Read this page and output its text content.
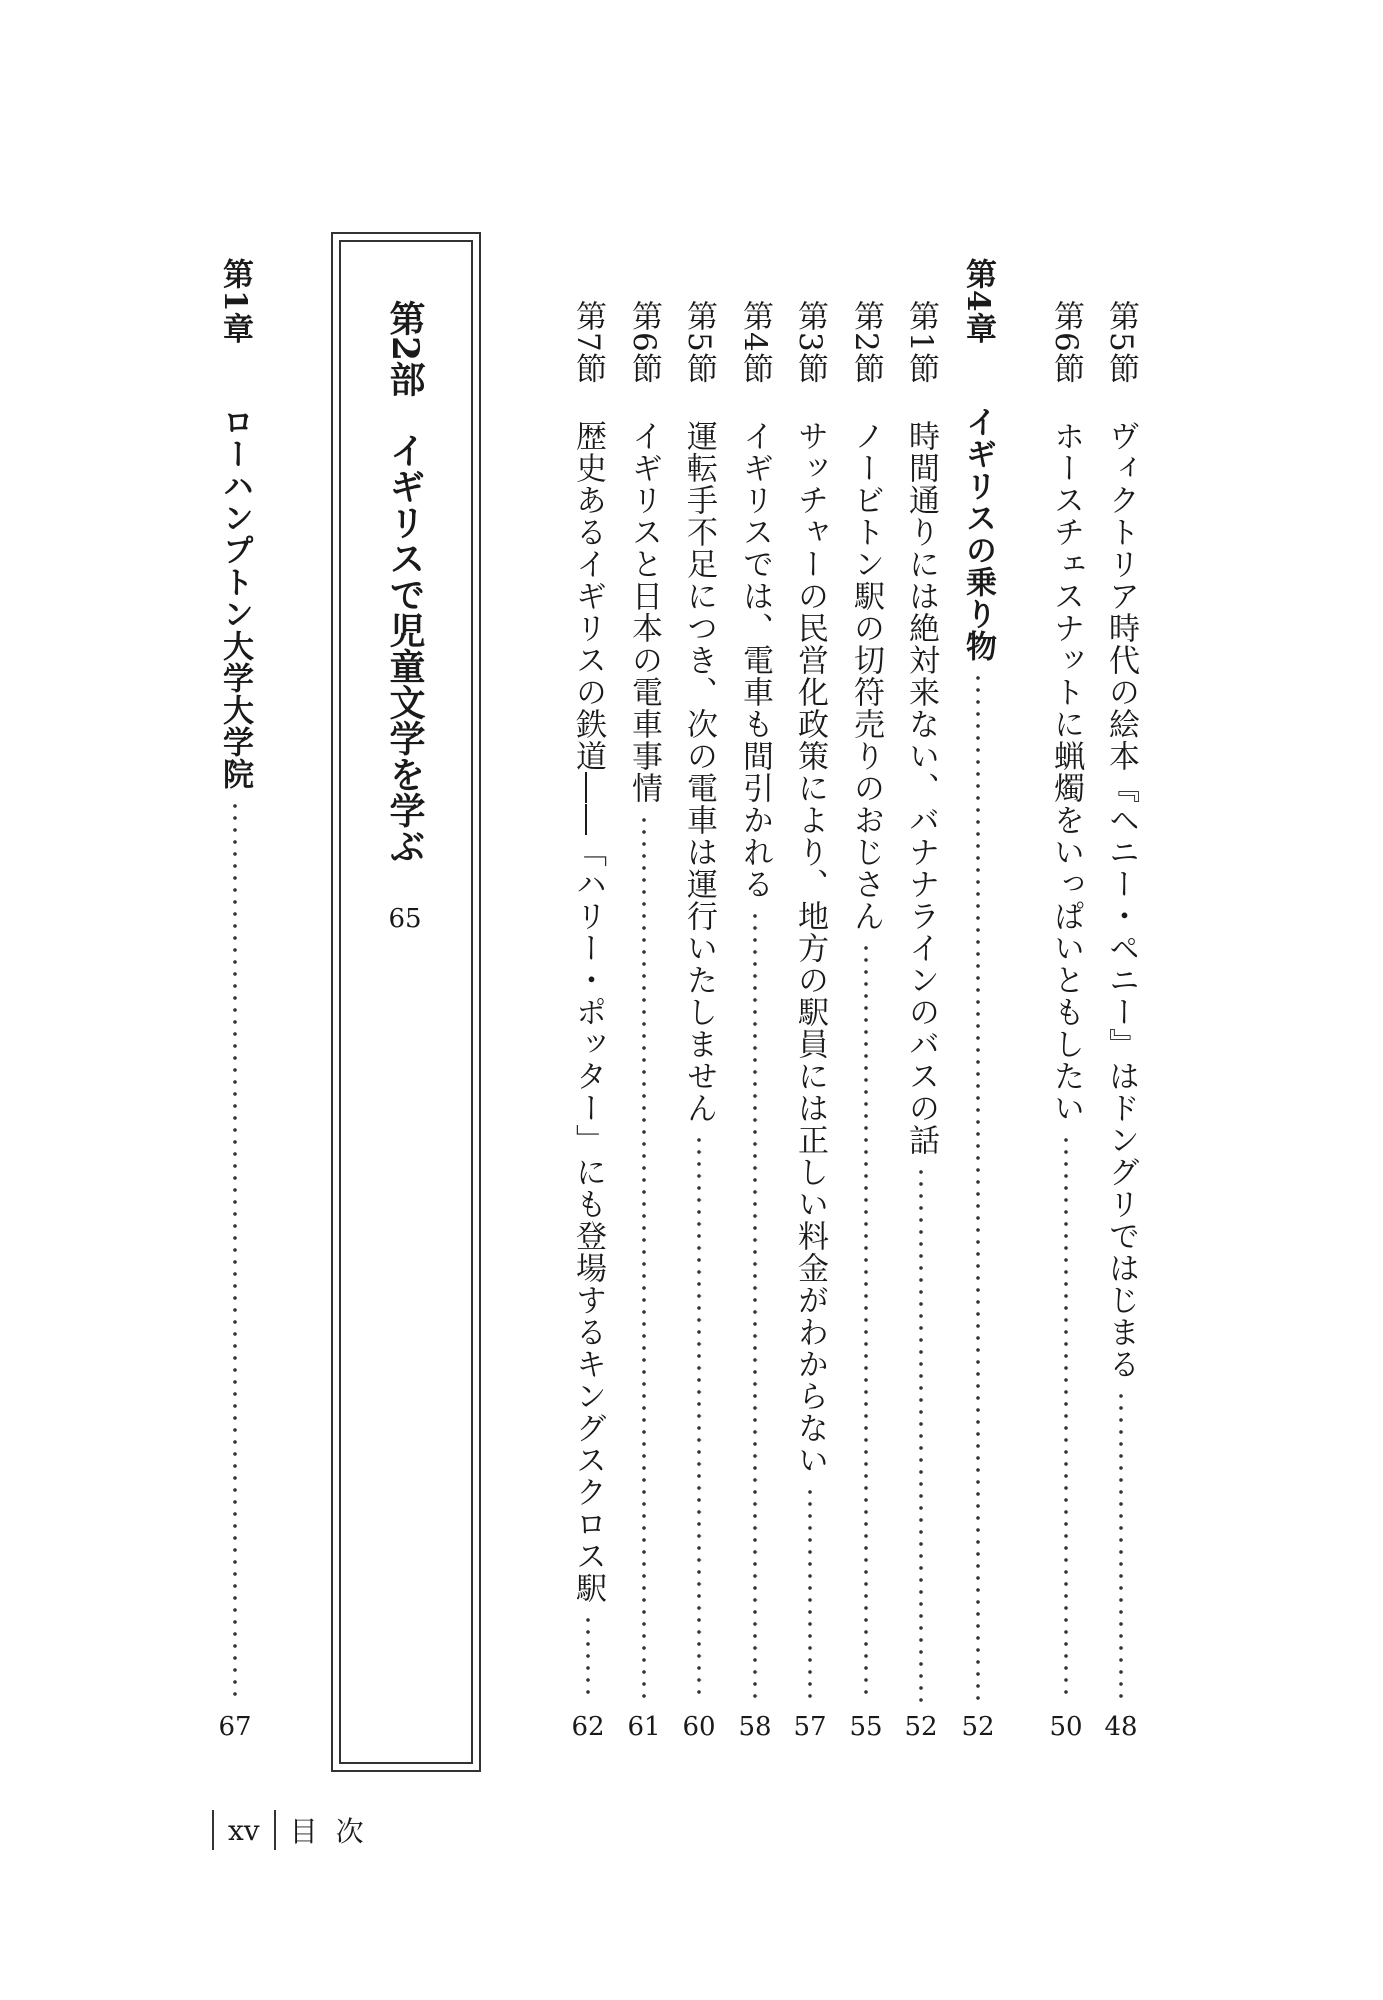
第5節
ヴィクトリア時代の絵本『ヘニー・ペニー』はドングリではじまる
48
第6節
ホースチェスナットに蝋燭をいっぱいともしたい
50
第4章
イギリスの乗り物
52
第1節
時間通りには絶対来ない、バナナラインのバスの話
52
第2節
ノービトン駅の切符売りのおじさん
55
第3節
サッチャーの民営化政策により、地方の駅員には正しい料金がわからない
57
第4節
イギリスでは、電車も間引かれる
58
第5節
運転手不足につき、次の電車は運行いたしません
60
第6節
イギリスと日本の電車事情
61
第7節
歴史あるイギリスの鉄道――「ハリー・ポッター」にも登場するキングスクロス駅
62
第2部
イギリスで児童文学を学ぶ
65
第1章
ローハンプトン大学大学院
67
xv	目次
